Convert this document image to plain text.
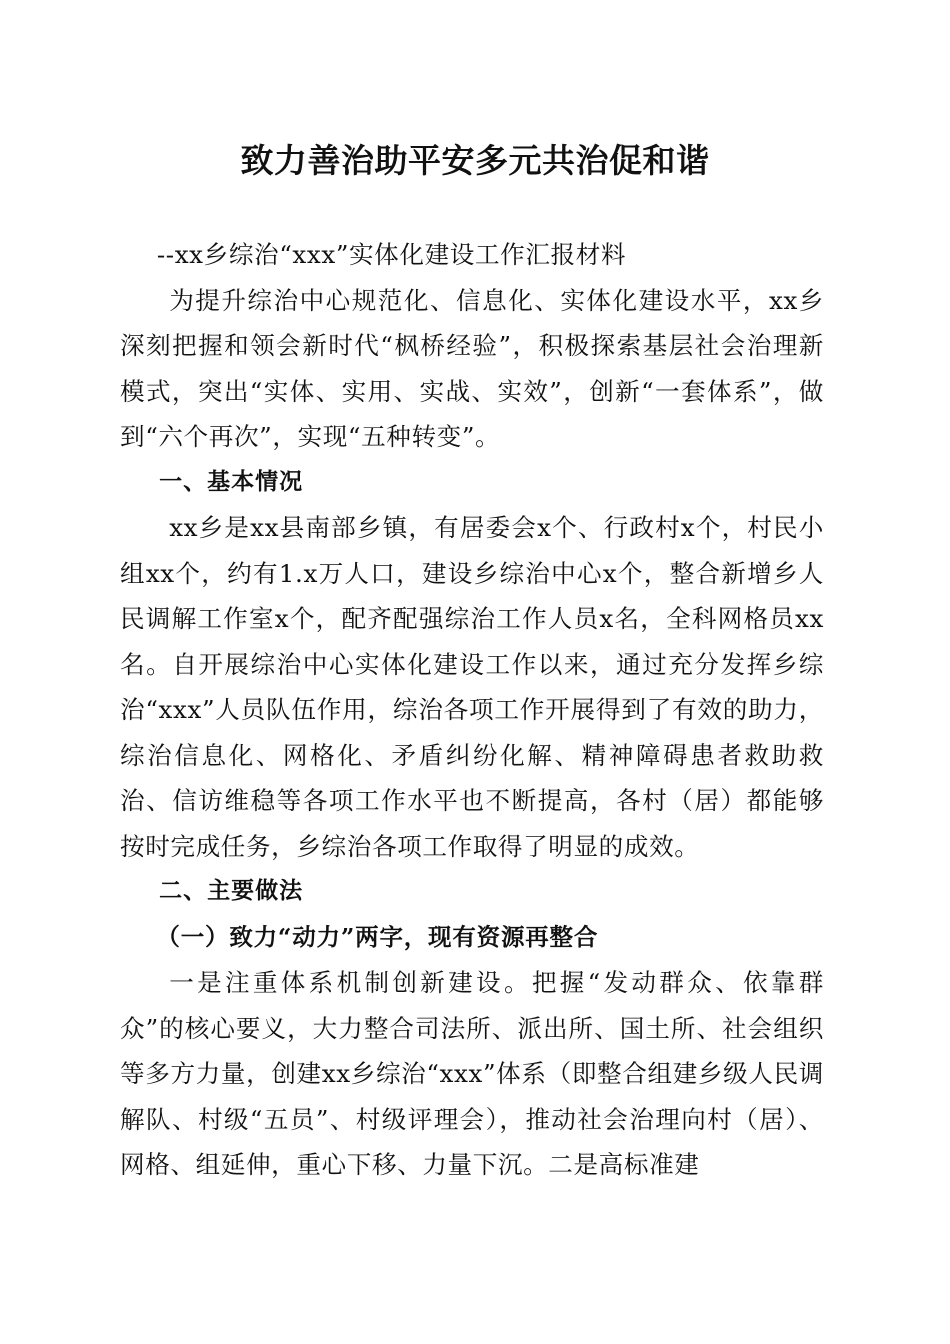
致力善治助平安多元共治促和谐

--xx乡综治“xxx”实体化建设工作汇报材料

为提升综治中心规范化、信息化、实体化建设水平，xx乡深刻把握和领会新时代“枫桥经验”，积极探索基层社会治理新模式，突出“实体、实用、实战、实效”，创新“一套体系”，做到“六个再次”，实现“五种转变”。

一、基本情况

xx乡是xx县南部乡镇，有居委会x个、行政村x个，村民小组xx个，约有1.x万人口，建设乡综治中心x个，整合新增乡人民调解工作室x个，配齐配强综治工作人员x名，全科网格员xx名。自开展综治中心实体化建设工作以来，通过充分发挥乡综治“xxx”人员队伍作用，综治各项工作开展得到了有效的助力，综治信息化、网格化、矛盾纠纷化解、精神障碍患者救助救治、信访维稳等各项工作水平也不断提高，各村（居）都能够按时完成任务，乡综治各项工作取得了明显的成效。

二、主要做法

（一）致力“动力”两字，现有资源再整合

一是注重体系机制创新建设。把握“发动群众、依靠群众”的核心要义，大力整合司法所、派出所、国土所、社会组织等多方力量，创建xx乡综治“xxx”体系（即整合组建乡级人民调解队、村级“五员”、村级评理会），推动社会治理向村（居）、网格、组延伸，重心下移、力量下沉。二是高标准建
